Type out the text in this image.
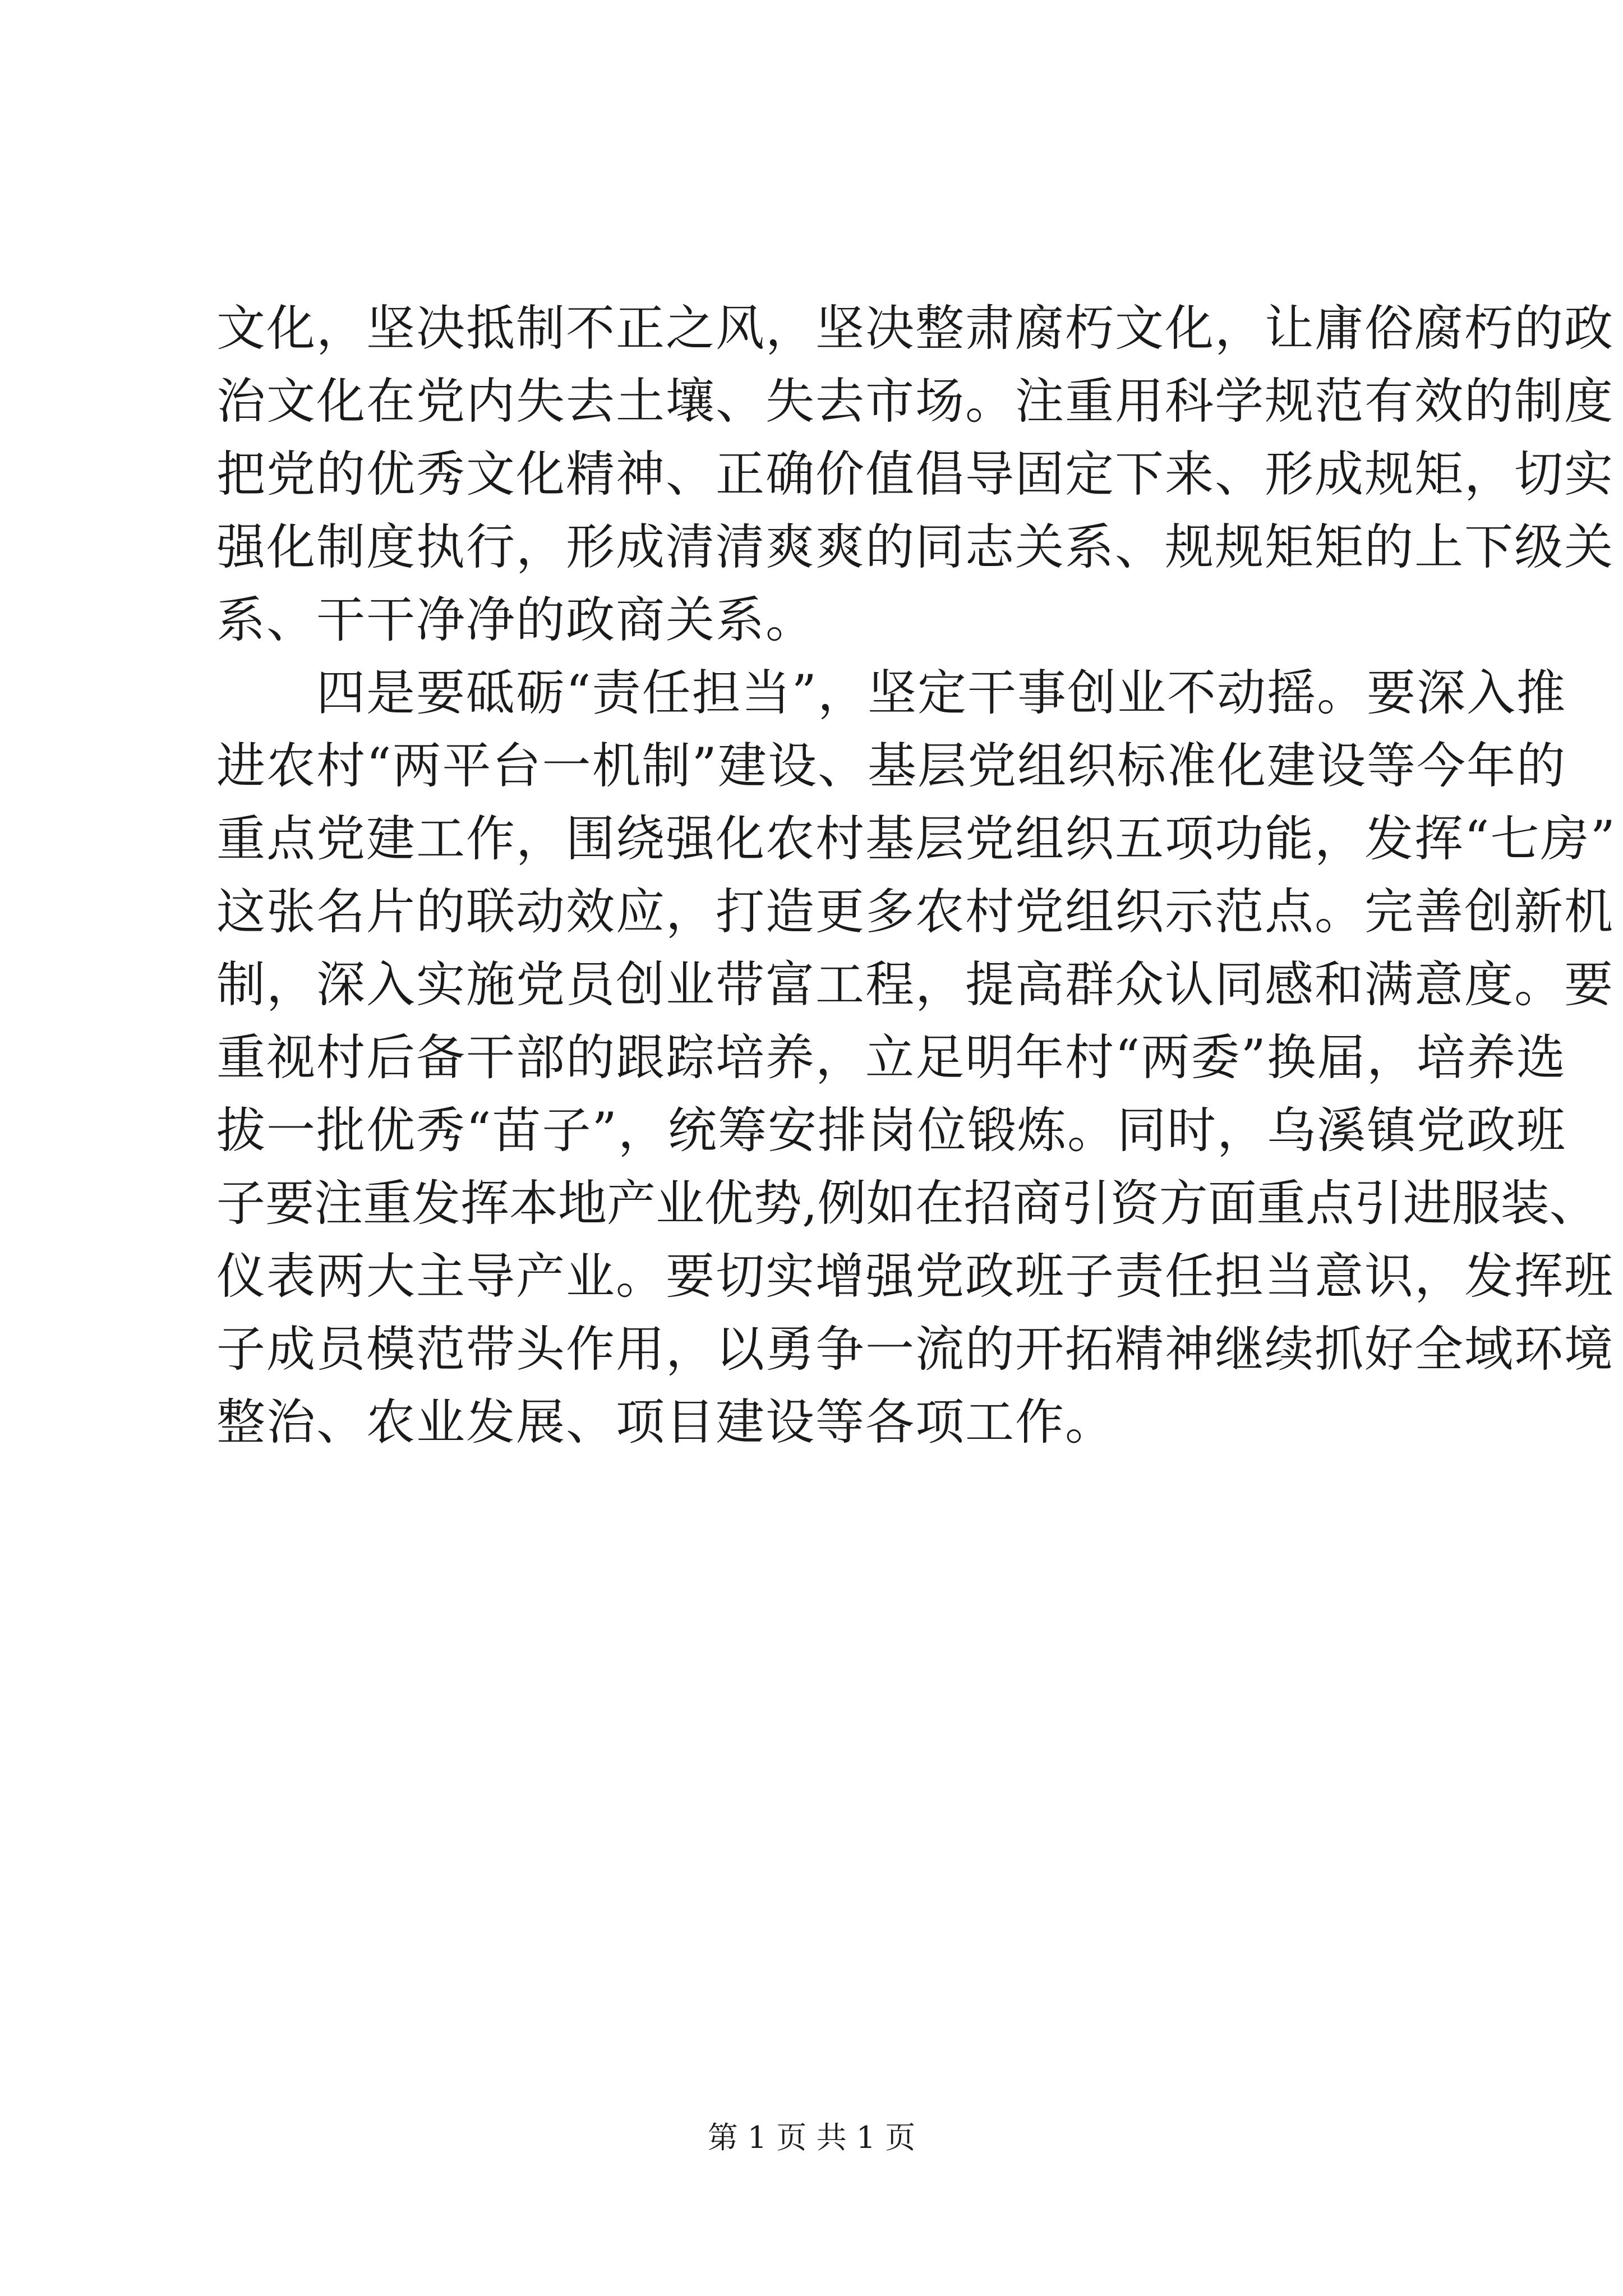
文化，坚决抵制不正之风，坚决整肃腐朽文化，让庸俗腐朽的政
治文化在党内失去土壤、失去市场。注重用科学规范有效的制度
把党的优秀文化精神、正确价值倡导固定下来、形成规矩，切实
强化制度执行，形成清清爽爽的同志关系、规规矩矩的上下级关
系、干干净净的政商关系。
四是要砥砺“责任担当”，坚定干事创业不动摇。要深入推
进农村“两平台一机制”建设、基层党组织标准化建设等今年的
重点党建工作，围绕强化农村基层党组织五项功能，发挥“七房”
这张名片的联动效应，打造更多农村党组织示范点。完善创新机
制，深入实施党员创业带富工程，提高群众认同感和满意度。要
重视村后备干部的跟踪培养，立足明年村“两委”换届，培养选
拔一批优秀“苗子”，统筹安排岗位锻炼。同时，乌溪镇党政班
子要注重发挥本地产业优势,例如在招商引资方面重点引进服装、
仪表两大主导产业。要切实增强党政班子责任担当意识，发挥班
子成员模范带头作用，以勇争一流的开拓精神继续抓好全域环境
整治、农业发展、项目建设等各项工作。
第 1 页 共 1 页
